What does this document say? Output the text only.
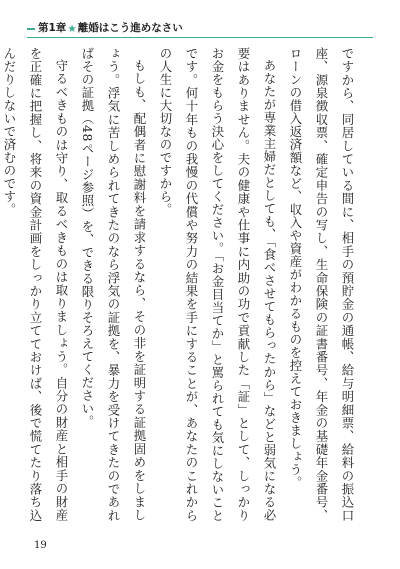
第1章 ★ 離婚はこう進めなさい

ですから、同居している間に、相手の預貯金の通帳、給与明細票、給料の振込口座、源泉徴収票、確定申告の写し、生命保険の証書番号、年金の基礎年金番号、ローンの借入返済額など、収入や資産がわかるものを控えておきましょう。

あなたが専業主婦だとしても、「食べさせてもらったから」などと弱気になる必要はありません。夫の健康や仕事に内助の功で貢献した「証」として、しっかりお金をもらう決心をしてください。「お金目当てか」と罵られても気にしないことです。何十年もの我慢の代償や努力の結果を手にすることが、あなたのこれからの人生に大切なのですから。

もしも、配偶者に慰謝料を請求するなら、その非を証明する証拠固めをしましょう。浮気に苦しめられてきたのなら浮気の証拠を、暴力を受けてきたのであればその証拠（48ページ参照）を、できる限りそろえてください。

守るべきものは守り、取るべきものは取りましょう。自分の財産と相手の財産を正確に把握し、将来の資金計画をしっかり立てておけば、後で慌てたり落ち込んだりしないで済むのです。

19
